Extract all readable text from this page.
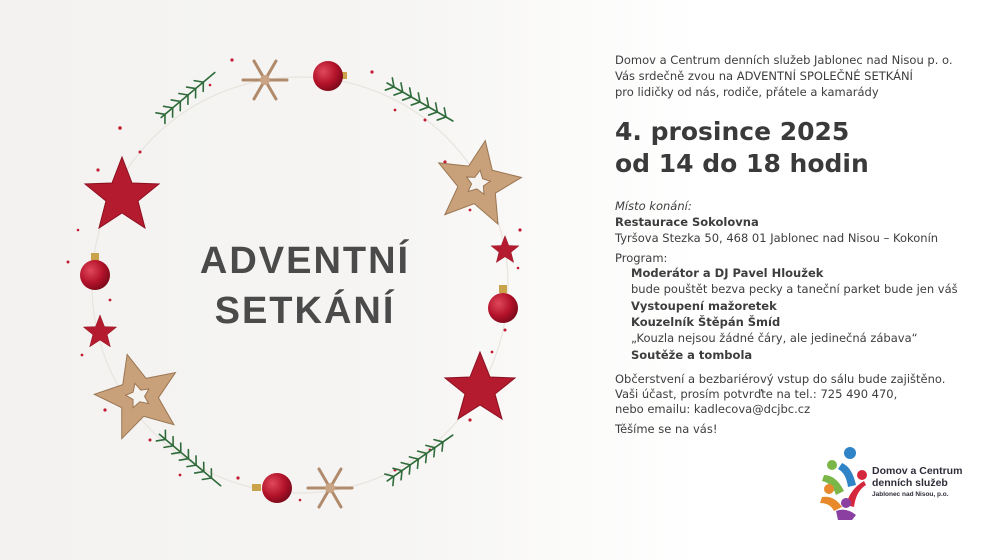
ADVENTNÍ
SETKÁNÍ
Domov a Centrum denních služeb Jablonec nad Nisou p. o.
Vás srdečně zvou na ADVENTNÍ SPOLEČNÉ SETKÁNÍ
pro lidičky od nás, rodiče, přátele a kamarády
4. prosince 2025
od 14 do 18 hodin
Místo konání:
Restaurace Sokolovna
Tyršova Stezka 50, 468 01 Jablonec nad Nisou – Kokonín
Program:
Moderátor a DJ Pavel Hloužek
bude pouštět bezva pecky a taneční parket bude jen váš
Vystoupení mažoretek
Kouzelník Štěpán Šmíd
„Kouzla nejsou žádné čáry, ale jedinečná zábava“
Soutěže a tombola
Občerstvení a bezbariérový vstup do sálu bude zajištěno.
Vaši účast, prosím potvrďte na tel.: 725 490 470,
nebo emailu: kadlecova@dcjbc.cz
Těšíme se na vás!
Domov a Centrum
denních služeb
Jablonec nad Nisou, p.o.
